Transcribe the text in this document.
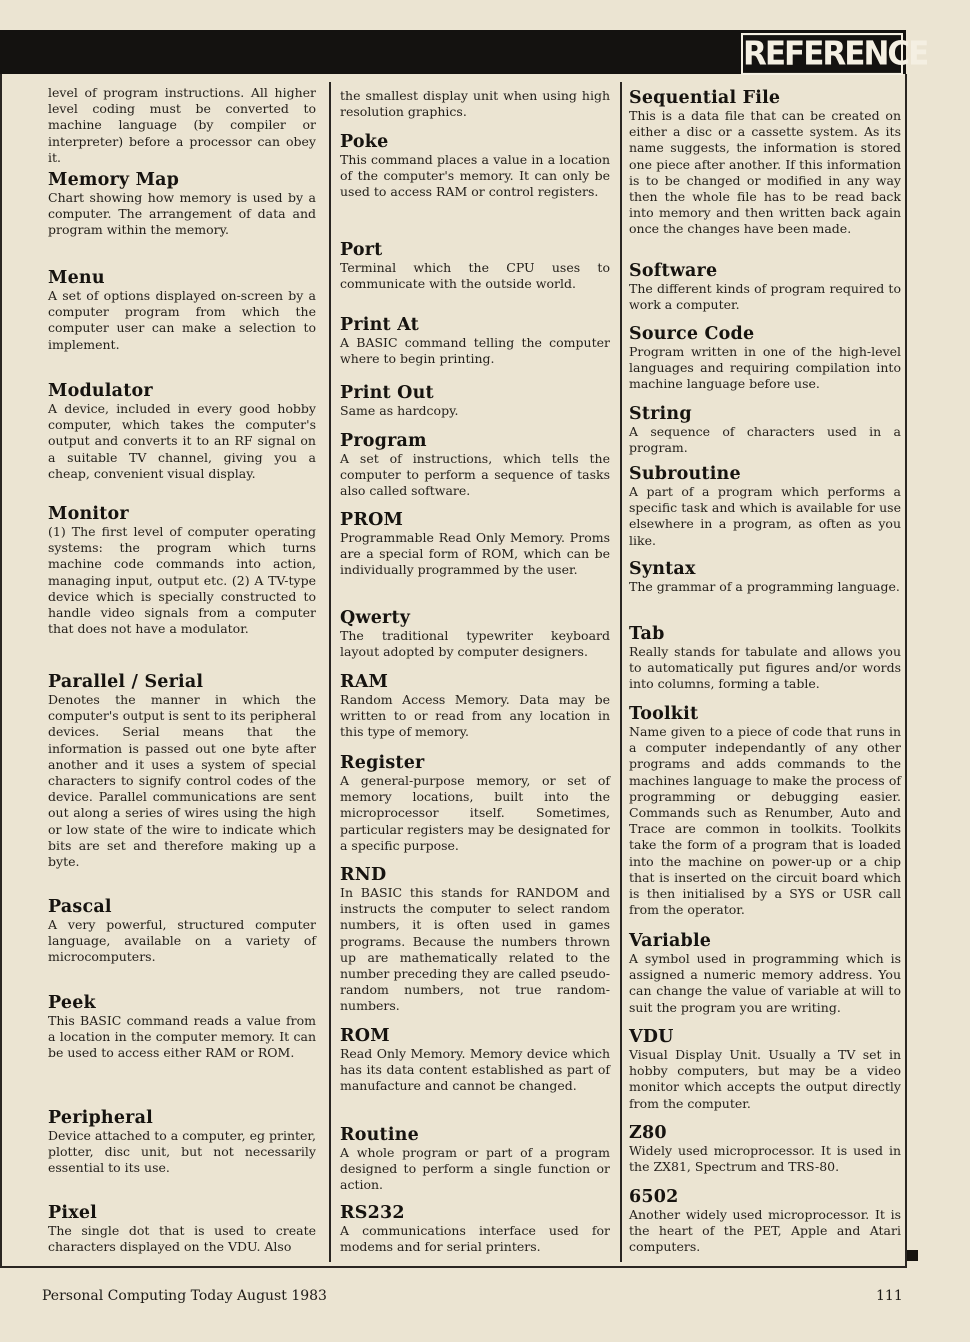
REFERENCE

level of program instructions. All higher level coding must be converted to machine language (by compiler or interpreter) before a processor can obey it.

Memory Map

Chart showing how memory is used by a computer. The arrangement of data and program within the memory.

Menu

A set of options displayed on-screen by a computer program from which the computer user can make a selection to implement.

Modulator

A device, included in every good hobby computer, which takes the computer's output and converts it to an RF signal on a suitable TV channel, giving you a cheap, convenient visual display.

Monitor

(1) The first level of computer operating systems: the program which turns machine code commands into action, managing input, output etc. (2) A TV-type device which is specially constructed to handle video signals from a computer that does not have a modulator.

Parallel / Serial

Denotes the manner in which the computer's output is sent to its peripheral devices. Serial means that the information is passed out one byte after another and it uses a system of special characters to signify control codes of the device. Parallel communications are sent out along a series of wires using the high or low state of the wire to indicate which bits are set and therefore making up a byte.

Pascal

A very powerful, structured computer language, available on a variety of microcomputers.

Peek

This BASIC command reads a value from a location in the computer memory. It can be used to access either RAM or ROM.

Peripheral

Device attached to a computer, eg printer, plotter, disc unit, but not necessarily essential to its use.

Pixel

The single dot that is used to create characters displayed on the VDU. Also

the smallest display unit when using high resolution graphics.

Poke

This command places a value in a location of the computer's memory. It can only be used to access RAM or control registers.

Port

Terminal which the CPU uses to communicate with the outside world.

Print At

A BASIC command telling the computer where to begin printing.

Print Out

Same as hardcopy.

Program

A set of instructions, which tells the computer to perform a sequence of tasks also called software.

PROM

Programmable Read Only Memory. Proms are a special form of ROM, which can be individually programmed by the user.

Qwerty

The traditional typewriter keyboard layout adopted by computer designers.

RAM

Random Access Memory. Data may be written to or read from any location in this type of memory.

Register

A general-purpose memory, or set of memory locations, built into the microprocessor itself. Sometimes, particular registers may be designated for a specific purpose.

RND

In BASIC this stands for RANDOM and instructs the computer to select random numbers, it is often used in games programs. Because the numbers thrown up are mathematically related to the number preceding they are called pseudo-random numbers, not true random-numbers.

ROM

Read Only Memory. Memory device which has its data content established as part of manufacture and cannot be changed.

Routine

A whole program or part of a program designed to perform a single function or action.

RS232

A communications interface used for modems and for serial printers.

Sequential File

This is a data file that can be created on either a disc or a cassette system. As its name suggests, the information is stored one piece after another. If this information is to be changed or modified in any way then the whole file has to be read back into memory and then written back again once the changes have been made.

Software

The different kinds of program required to work a computer.

Source Code

Program written in one of the high-level languages and requiring compilation into machine language before use.

String

A sequence of characters used in a program.

Subroutine

A part of a program which performs a specific task and which is available for use elsewhere in a program, as often as you like.

Syntax

The grammar of a programming language.

Tab

Really stands for tabulate and allows you to automatically put figures and/or words into columns, forming a table.

Toolkit

Name given to a piece of code that runs in a computer independantly of any other programs and adds commands to the machines language to make the process of programming or debugging easier. Commands such as Renumber, Auto and Trace are common in toolkits. Toolkits take the form of a program that is loaded into the machine on power-up or a chip that is inserted on the circuit board which is then initialised by a SYS or USR call from the operator.

Variable

A symbol used in programming which is assigned a numeric memory address. You can change the value of variable at will to suit the program you are writing.

VDU

Visual Display Unit. Usually a TV set in hobby computers, but may be a video monitor which accepts the output directly from the computer.

Z80

Widely used microprocessor. It is used in the ZX81, Spectrum and TRS-80.

6502

Another widely used microprocessor. It is the heart of the PET, Apple and Atari computers.

Personal Computing Today August 1983	111
